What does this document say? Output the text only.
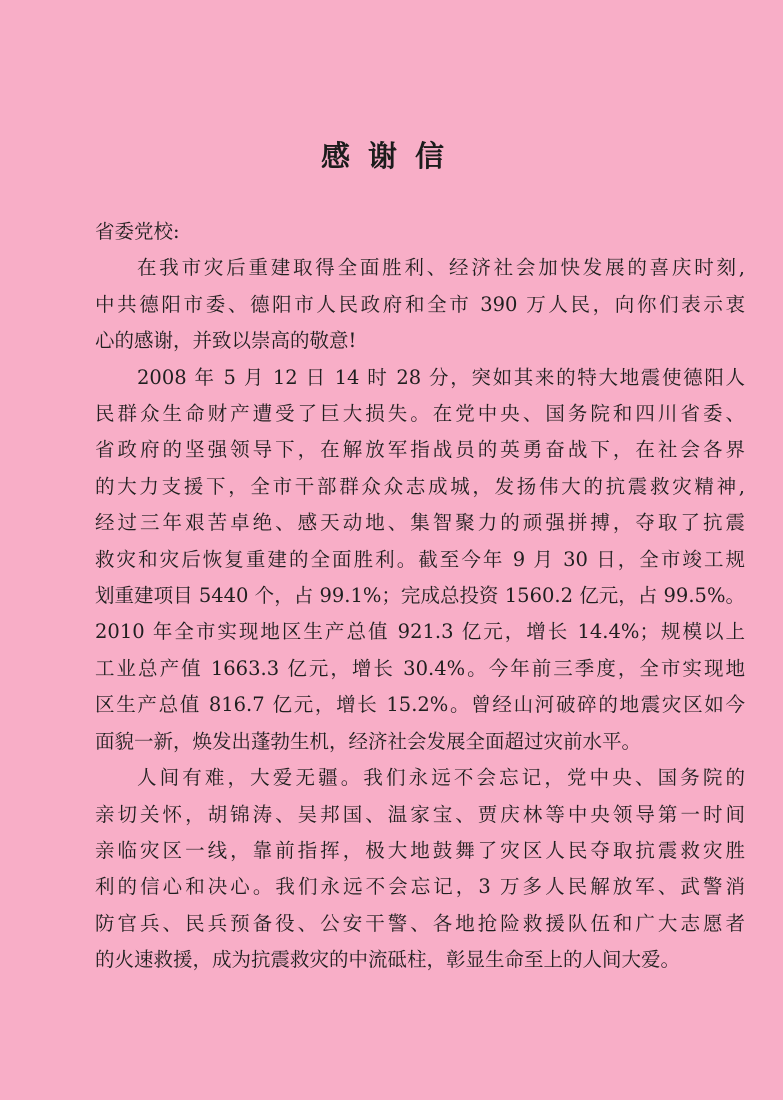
感谢信
省委党校:
在我市灾后重建取得全面胜利、经济社会加快发展的喜庆时刻,
中共德阳市委、德阳市人民政府和全市 390 万人民，向你们表示衷
心的感谢，并致以崇高的敬意!
2008 年 5 月 12 日 14 时 28 分，突如其来的特大地震使德阳人
民群众生命财产遭受了巨大损失。在党中央、国务院和四川省委、
省政府的坚强领导下，在解放军指战员的英勇奋战下，在社会各界
的大力支援下，全市干部群众众志成城，发扬伟大的抗震救灾精神,
经过三年艰苦卓绝、感天动地、集智聚力的顽强拼搏，夺取了抗震
救灾和灾后恢复重建的全面胜利。截至今年 9 月 30 日，全市竣工规
划重建项目 5440 个，占 99.1%；完成总投资 1560.2 亿元，占 99.5%。
2010 年全市实现地区生产总值 921.3 亿元，增长 14.4%；规模以上
工业总产值 1663.3 亿元，增长 30.4%。今年前三季度，全市实现地
区生产总值 816.7 亿元，增长 15.2%。曾经山河破碎的地震灾区如今
面貌一新，焕发出蓬勃生机，经济社会发展全面超过灾前水平。
人间有难，大爱无疆。我们永远不会忘记，党中央、国务院的
亲切关怀，胡锦涛、吴邦国、温家宝、贾庆林等中央领导第一时间
亲临灾区一线，靠前指挥，极大地鼓舞了灾区人民夺取抗震救灾胜
利的信心和决心。我们永远不会忘记，3 万多人民解放军、武警消
防官兵、民兵预备役、公安干警、各地抢险救援队伍和广大志愿者
的火速救援，成为抗震救灾的中流砥柱，彰显生命至上的人间大爱。
